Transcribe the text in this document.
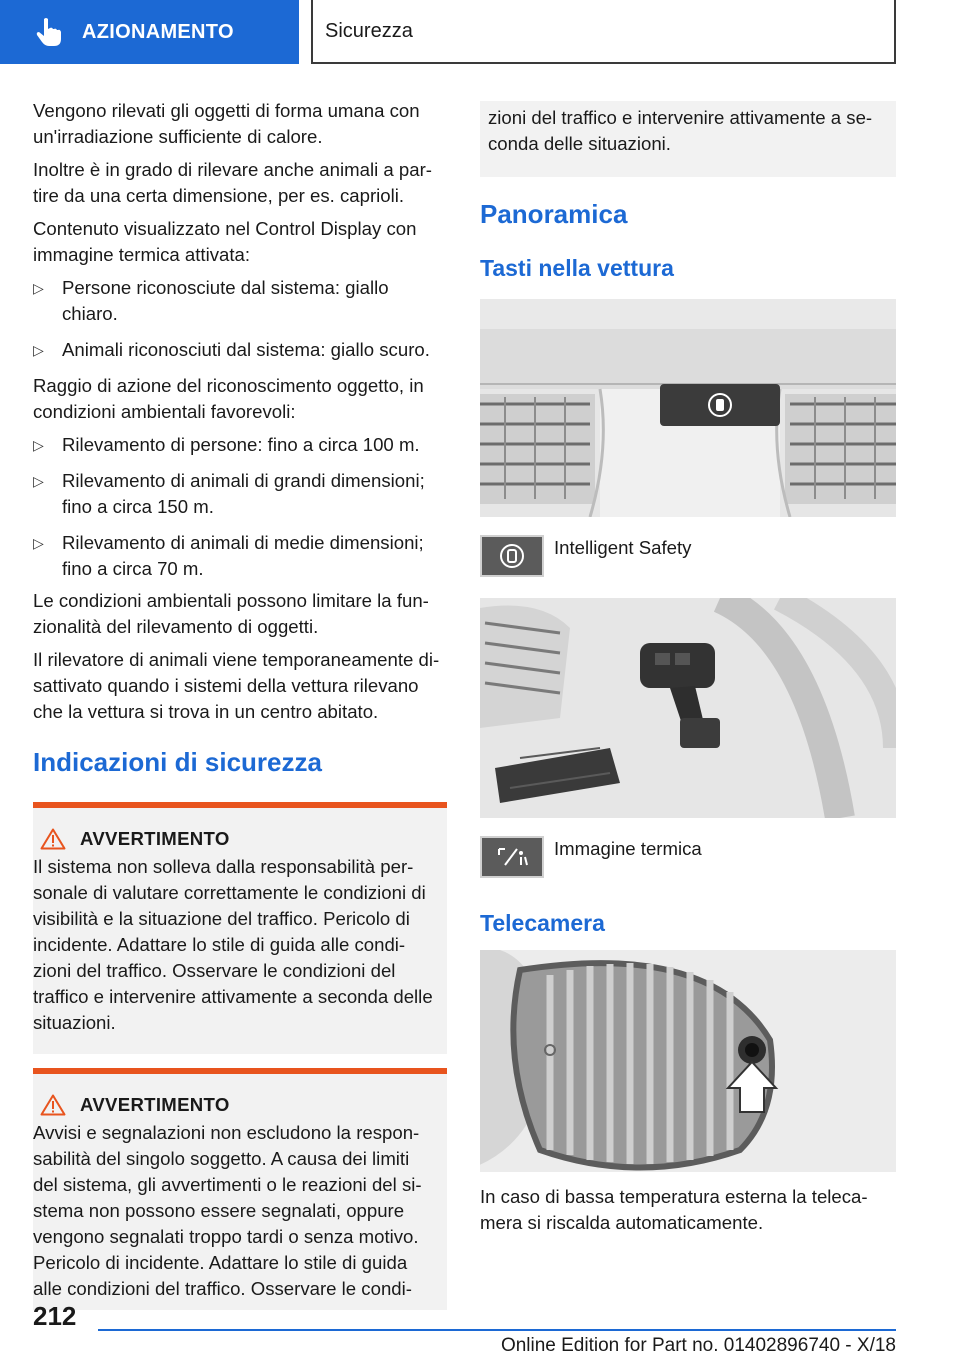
AZIONAMENTO	Sicurezza

Vengono rilevati gli oggetti di forma umana con un'irradiazione sufficiente di calore.

Inoltre è in grado di rilevare anche animali a par-tire da una certa dimensione, per es. caprioli.

Contenuto visualizzato nel Control Display con immagine termica attivata:

▷ Persone riconosciute dal sistema: giallo chiaro.
▷ Animali riconosciuti dal sistema: giallo scuro.

Raggio di azione del riconoscimento oggetto, in condizioni ambientali favorevoli:

▷ Rilevamento di persone: fino a circa 100 m.
▷ Rilevamento di animali di grandi dimensioni; fino a circa 150 m.
▷ Rilevamento di animali di medie dimensioni; fino a circa 70 m.

Le condizioni ambientali possono limitare la fun-zionalità del rilevamento di oggetti.

Il rilevatore di animali viene temporaneamente di-sattivato quando i sistemi della vettura rilevano che la vettura si trova in un centro abitato.

Indicazioni di sicurezza
AVVERTIMENTO
Il sistema non solleva dalla responsabilità per-sonale di valutare correttamente le condizioni di visibilità e la situazione del traffico. Pericolo di incidente. Adattare lo stile di guida alle condi-zioni del traffico. Osservare le condizioni del traffico e intervenire attivamente a seconda delle situazioni.
AVVERTIMENTO
Avvisi e segnalazioni non escludono la respon-sabilità del singolo soggetto. A causa dei limiti del sistema, gli avvertimenti o le reazioni del si-stema non possono essere segnalati, oppure vengono segnalati troppo tardi o senza motivo. Pericolo di incidente. Adattare lo stile di guida alle condizioni del traffico. Osservare le condi-
zioni del traffico e intervenire attivamente a se-conda delle situazioni.
Panoramica
Tasti nella vettura
Intelligent Safety
Immagine termica
Telecamera

In caso di bassa temperatura esterna la teleca-mera si riscalda automaticamente.

212
Online Edition for Part no. 01402896740 - X/18
